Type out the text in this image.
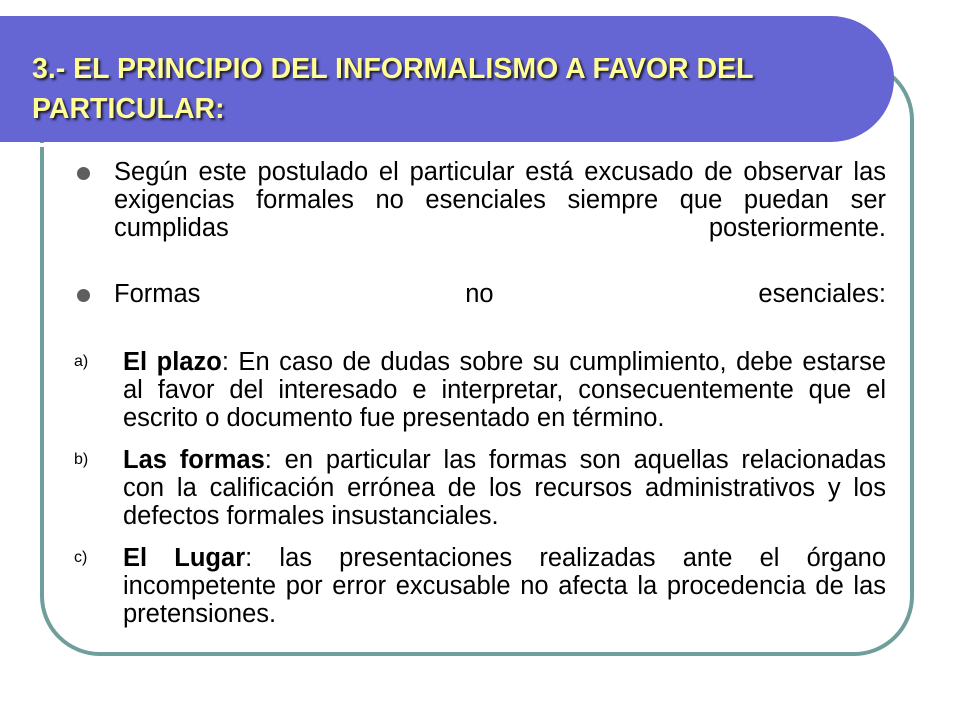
3.- EL PRINCIPIO DEL INFORMALISMO A FAVOR DEL PARTICULAR:
Según este postulado el particular está excusado de observar las exigencias formales no esenciales siempre que puedan ser cumplidas posteriormente.
Formas no esenciales:
a) El plazo: En caso de dudas sobre su cumplimiento, debe estarse al favor del interesado e interpretar, consecuentemente que el escrito o documento fue presentado en término.
b) Las formas: en particular las formas son aquellas relacionadas con la calificación errónea de los recursos administrativos y los defectos formales insustanciales.
c) El Lugar: las presentaciones realizadas ante el órgano incompetente por error excusable no afecta la procedencia de las pretensiones.
